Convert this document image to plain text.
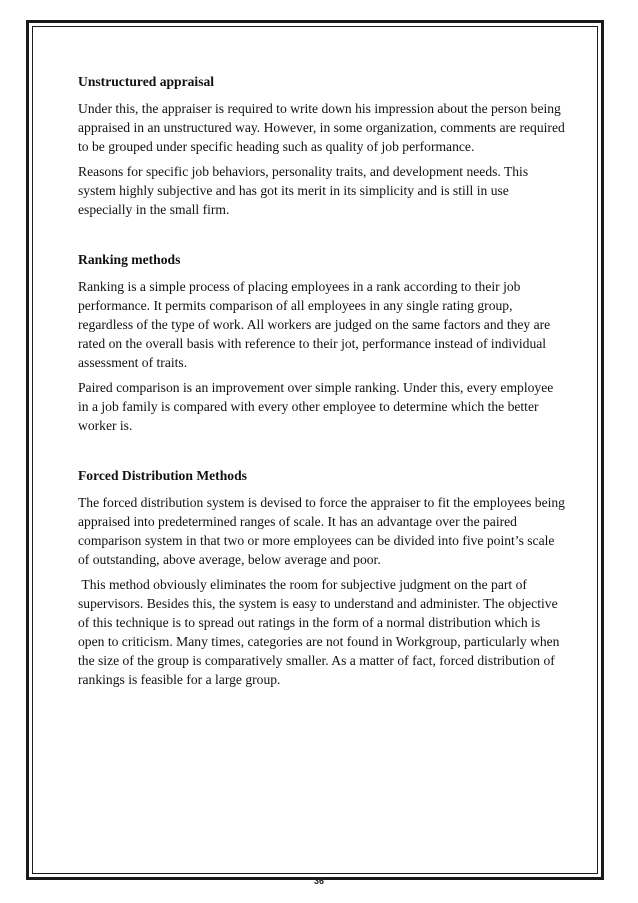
Unstructured appraisal

Under this, the appraiser is required to write down his impression about the person being appraised in an unstructured way. However, in some organization, comments are required to be grouped under specific heading such as quality of job performance.

Reasons for specific job behaviors, personality traits, and development needs. This system highly subjective and has got its merit in its simplicity and is still in use especially in the small firm.

Ranking methods

Ranking is a simple process of placing employees in a rank according to their job performance. It permits comparison of all employees in any single rating group, regardless of the type of work. All workers are judged on the same factors and they are rated on the overall basis with reference to their jot, performance instead of individual assessment of traits.

Paired comparison is an improvement over simple ranking. Under this, every employee in a job family is compared with every other employee to determine which the better worker is.

Forced Distribution Methods

The forced distribution system is devised to force the appraiser to fit the employees being appraised into predetermined ranges of scale. It has an advantage over the paired comparison system in that two or more employees can be divided into five point’s scale of outstanding, above average, below average and poor.

This method obviously eliminates the room for subjective judgment on the part of supervisors. Besides this, the system is easy to understand and administer. The objective of this technique is to spread out ratings in the form of a normal distribution which is open to criticism. Many times, categories are not found in Workgroup, particularly when the size of the group is comparatively smaller. As a matter of fact, forced distribution of rankings is feasible for a large group.

36
